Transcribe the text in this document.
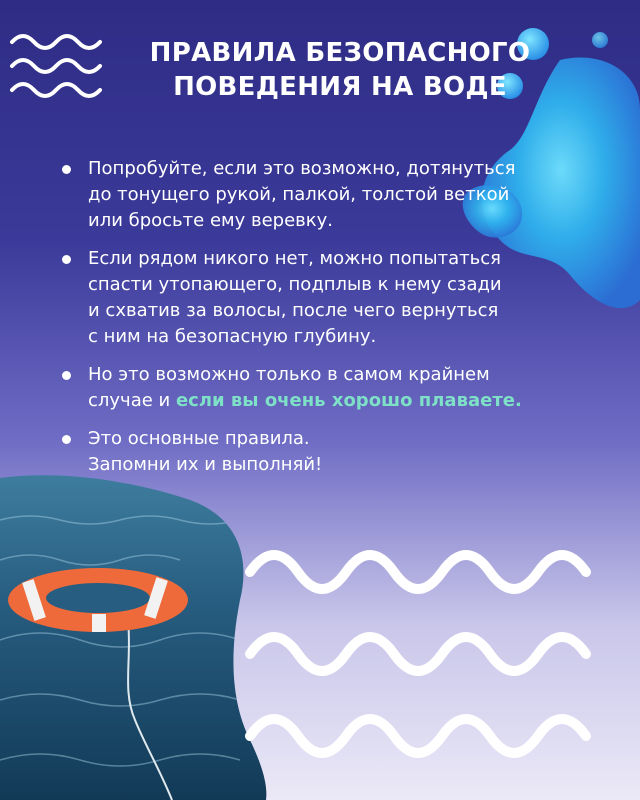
ПРАВИЛА БЕЗОПАСНОГО
ПОВЕДЕНИЯ НА ВОДЕ
Попробуйте, если это возможно, дотянуться
до тонущего рукой, палкой, толстой веткой
или бросьте ему веревку.
Если рядом никого нет, можно попытаться
спасти утопающего, подплыв к нему сзади
и схватив за волосы, после чего вернуться
с ним на безопасную глубину.
Но это возможно только в самом крайнем
случае и если вы очень хорошо плаваете.
Это основные правила.
Запомни их и выполняй!
